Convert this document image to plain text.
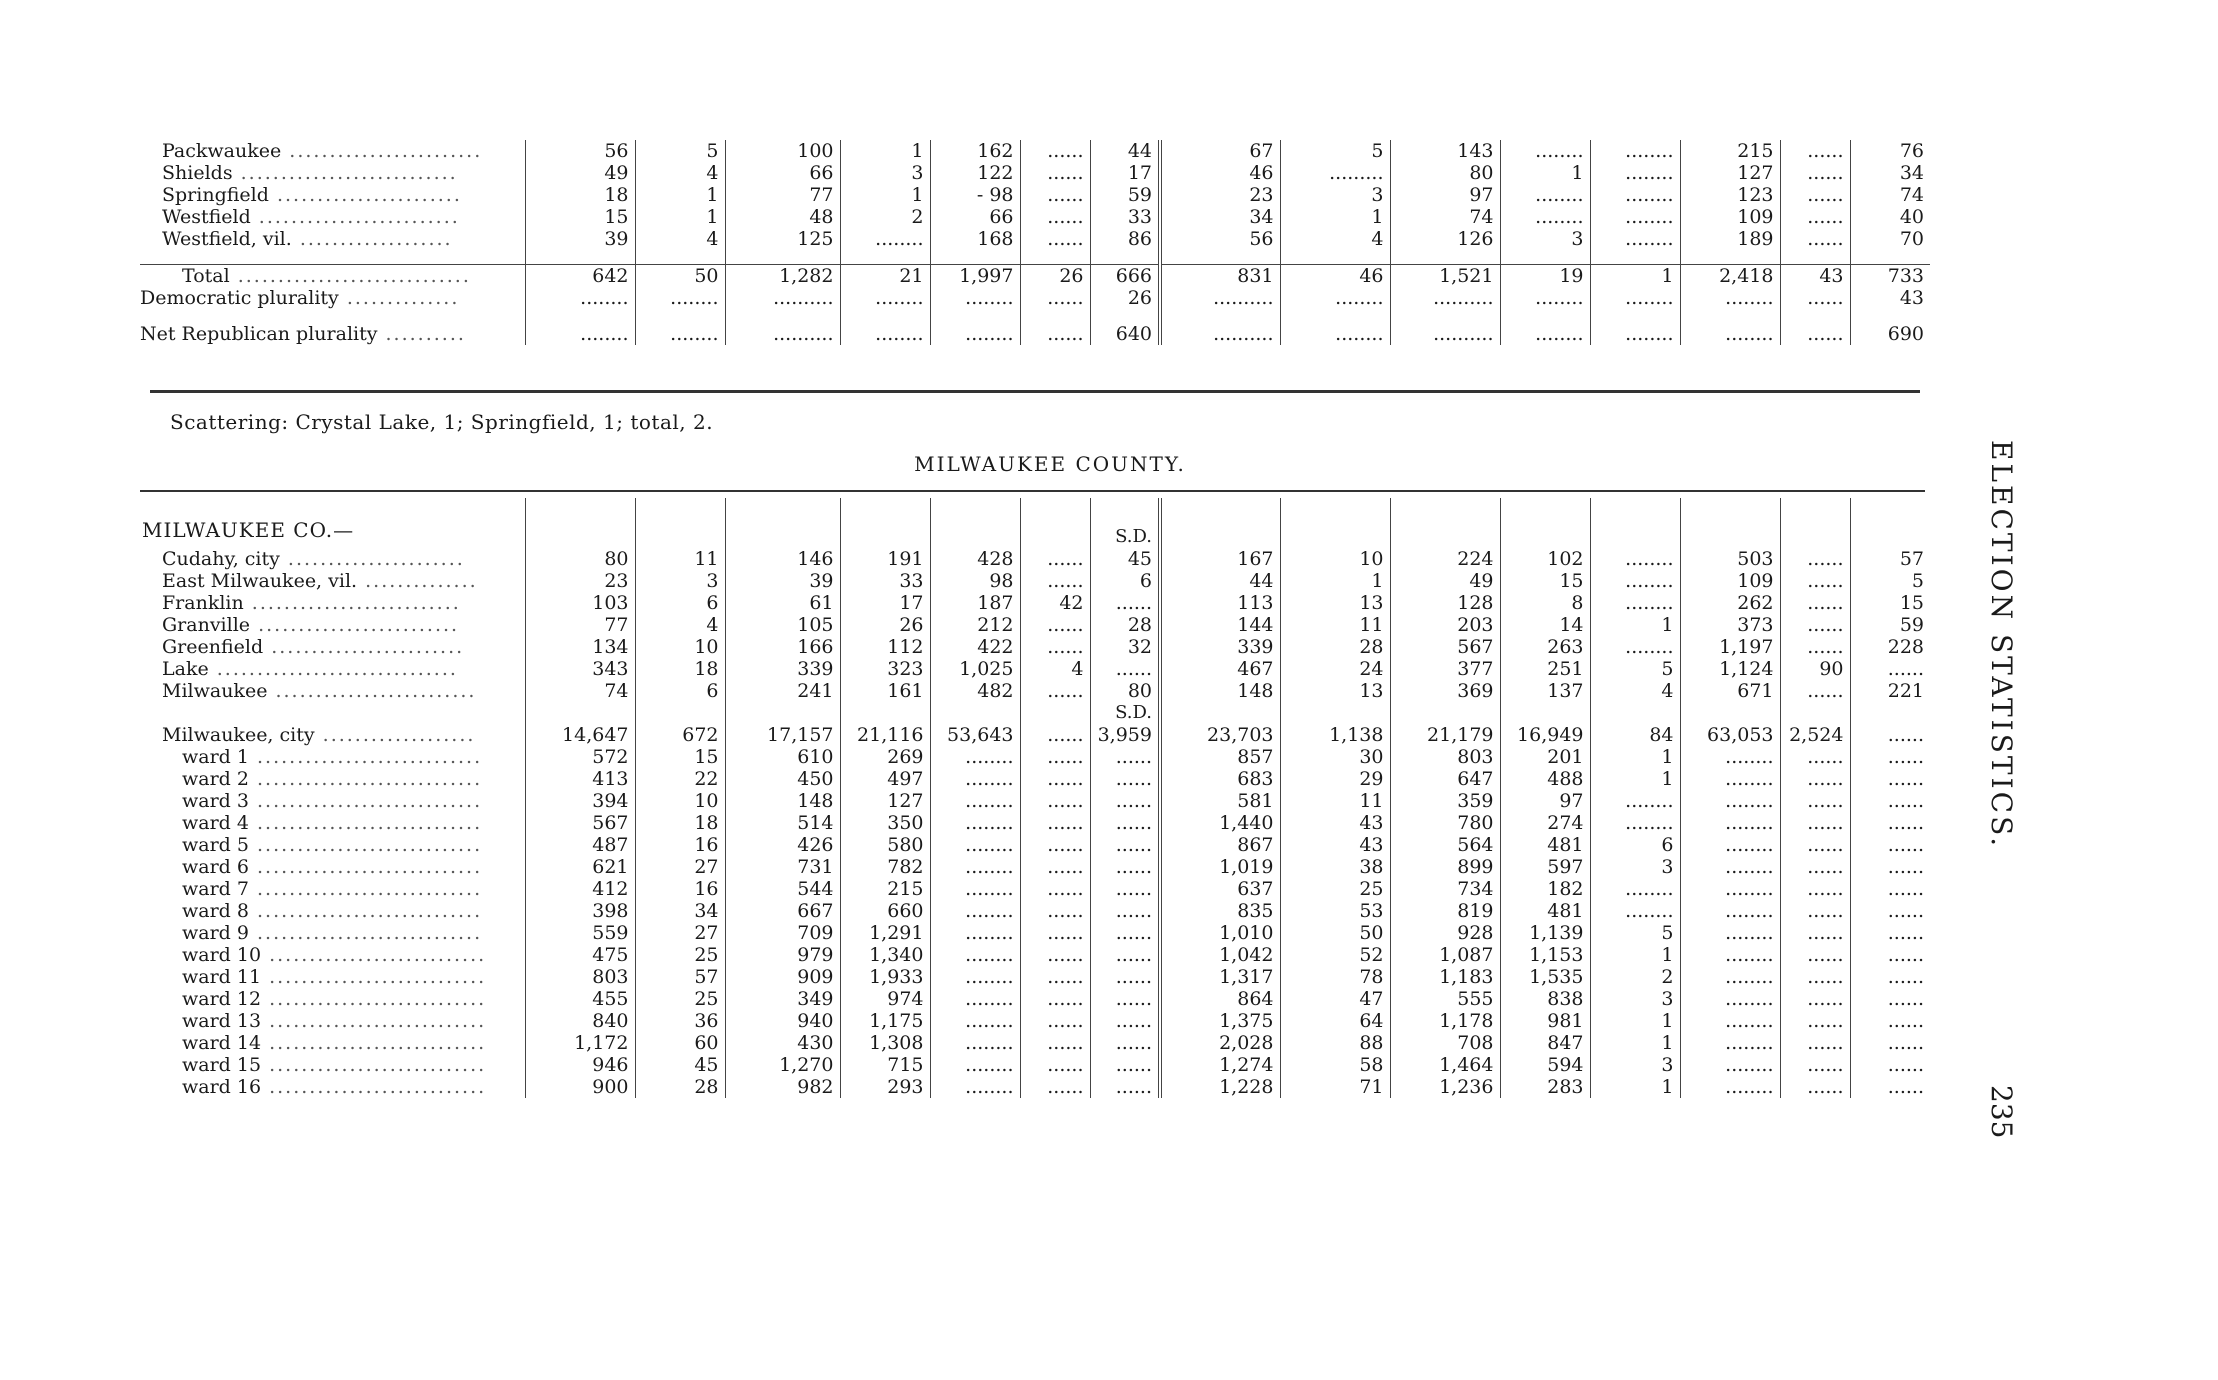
Packwaukee ........................	56	5	100	1	162	......	44	67	5	143	........	........	215	......	76
Shields ...........................	49	4	66	3	122	......	17	46	.........	80	1	........	127	......	34
Springfield .......................	18	1	77	1	- 98	......	59	23	3	97	........	........	123	......	74
Westfield .........................	15	1	48	2	66	......	33	34	1	74	........	........	109	......	40
Westfield, vil. ...................	39	4	125	........	168	......	86	56	4	126	3	........	189	......	70

Total .............................	642	50	1,282	21	1,997	26	666	831	46	1,521	19	1	2,418	43	733
Democratic plurality ..............	........	........	..........	........	........	......	26	..........	........	..........	........	........	........	......	43

Net Republican plurality ..........	........	........	..........	........	........	......	640	..........	........	..........	........	........	........	......	690
Scattering: Crystal Lake, 1; Springfield, 1; total, 2.
MILWAUKEE COUNTY.	ELECTION STATISTICS.
235
MILWAUKEE CO.—

								S.D.								
Cudahy, city ......................	80	11	146	191	428	......	45	167	10	224	102	........	503	......	57
East Milwaukee, vil. ..............	23	3	39	33	98	......	6	44	1	49	15	........	109	......	5
Franklin ..........................	103	6	61	17	187	42	......	113	13	128	8	........	262	......	15
Granville .........................	77	4	105	26	212	......	28	144	11	203	14	1	373	......	59
Greenfield ........................	134	10	166	112	422	......	32	339	28	567	263	........	1,197	......	228
Lake ..............................	343	18	339	323	1,025	4	......	467	24	377	251	5	1,124	90	......
Milwaukee .........................	74	6	241	161	482	......	80	148	13	369	137	4	671	......	221
							S.D.								
Milwaukee, city ...................	14,647	672	17,157	21,116	53,643	......	3,959	23,703	1,138	21,179	16,949	84	63,053	2,524	......
ward 1 ............................	572	15	610	269	........	......	......	857	30	803	201	1	........	......	......
ward 2 ............................	413	22	450	497	........	......	......	683	29	647	488	1	........	......	......
ward 3 ............................	394	10	148	127	........	......	......	581	11	359	97	........	........	......	......
ward 4 ............................	567	18	514	350	........	......	......	1,440	43	780	274	........	........	......	......
ward 5 ............................	487	16	426	580	........	......	......	867	43	564	481	6	........	......	......
ward 6 ............................	621	27	731	782	........	......	......	1,019	38	899	597	3	........	......	......
ward 7 ............................	412	16	544	215	........	......	......	637	25	734	182	........	........	......	......
ward 8 ............................	398	34	667	660	........	......	......	835	53	819	481	........	........	......	......
ward 9 ............................	559	27	709	1,291	........	......	......	1,010	50	928	1,139	5	........	......	......
ward 10 ...........................	475	25	979	1,340	........	......	......	1,042	52	1,087	1,153	1	........	......	......
ward 11 ...........................	803	57	909	1,933	........	......	......	1,317	78	1,183	1,535	2	........	......	......
ward 12 ...........................	455	25	349	974	........	......	......	864	47	555	838	3	........	......	......
ward 13 ...........................	840	36	940	1,175	........	......	......	1,375	64	1,178	981	1	........	......	......
ward 14 ...........................	1,172	60	430	1,308	........	......	......	2,028	88	708	847	1	........	......	......
ward 15 ...........................	946	45	1,270	715	........	......	......	1,274	58	1,464	594	3	........	......	......
ward 16 ...........................	900	28	982	293	........	......	......	1,228	71	1,236	283	1	........	......	......
